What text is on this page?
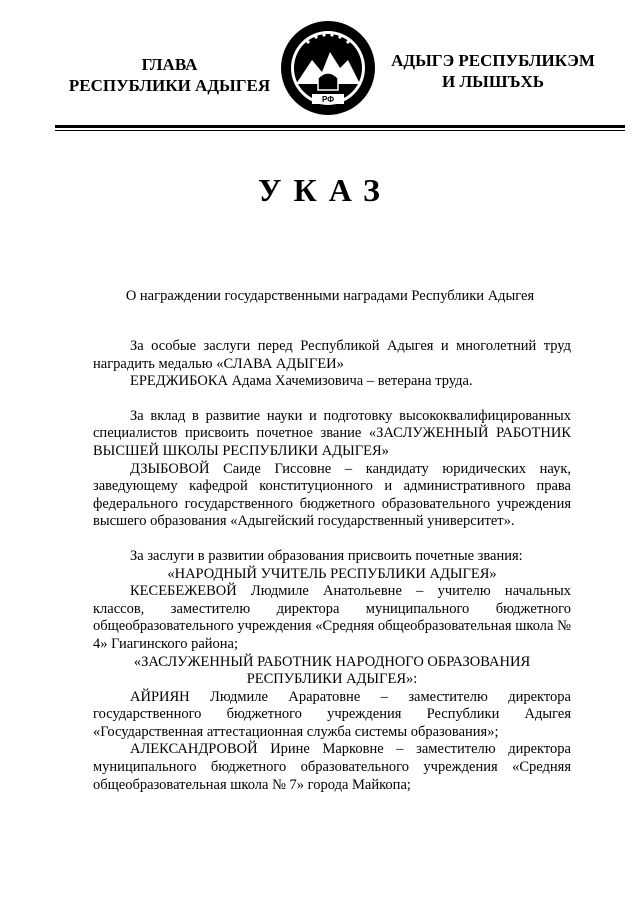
ГЛАВА
РЕСПУБЛИКИ АДЫГЕЯ
РФ
АДЫГЭ РЕСПУБЛИКЭМ
И ЛЫШЪХЬ
УКАЗ
О награждении государственными наградами Республики Адыгея

За особые заслуги перед Республикой Адыгея и многолетний труд наградить медалью «СЛАВА АДЫГЕИ»

ЕРЕДЖИБОКА Адама Хачемизовича – ветерана труда.

За вклад в развитие науки и подготовку высококвалифицированных специалистов присвоить почетное звание «ЗАСЛУЖЕННЫЙ РАБОТНИК ВЫСШЕЙ ШКОЛЫ РЕСПУБЛИКИ АДЫГЕЯ»

ДЗЫБОВОЙ Саиде Гиссовне – кандидату юридических наук, заведующему кафедрой конституционного и административного права федерального государственного бюджетного образовательного учреждения высшего образования «Адыгейский государственный университет».

За заслуги в развитии образования присвоить почетные звания:

«НАРОДНЫЙ УЧИТЕЛЬ РЕСПУБЛИКИ АДЫГЕЯ»

КЕСЕБЕЖЕВОЙ Людмиле Анатольевне – учителю начальных классов, заместителю директора муниципального бюджетного общеобразовательного учреждения «Средняя общеобразовательная школа № 4» Гиагинского района;

«ЗАСЛУЖЕННЫЙ РАБОТНИК НАРОДНОГО ОБРАЗОВАНИЯ РЕСПУБЛИКИ АДЫГЕЯ»:

АЙРИЯН Людмиле Араратовне – заместителю директора государственного бюджетного учреждения Республики Адыгея «Государственная аттестационная служба системы образования»;

АЛЕКСАНДРОВОЙ Ирине Марковне – заместителю директора муниципального бюджетного образовательного учреждения «Средняя общеобразовательная школа № 7» города Майкопа;
